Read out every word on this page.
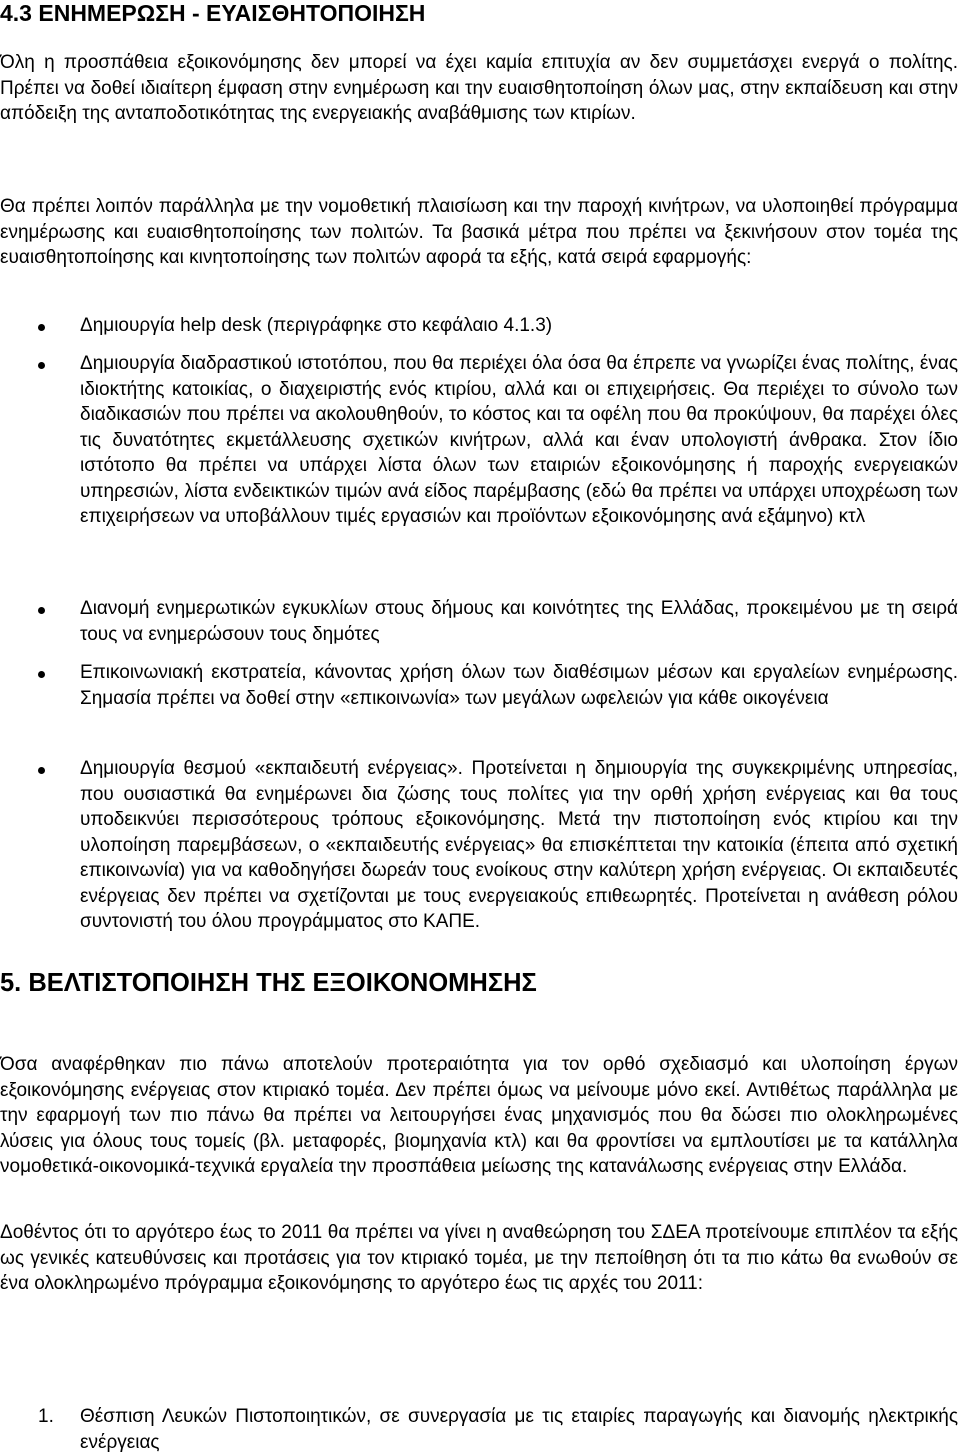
4.3 ΕΝΗΜΕΡΩΣΗ - ΕΥΑΙΣΘΗΤΟΠΟΙΗΣΗ

Όλη η προσπάθεια εξοικονόμησης δεν μπορεί να έχει καμία επιτυχία αν δεν συμμετάσχει ενεργά ο πολίτης. Πρέπει να δοθεί ιδιαίτερη έμφαση στην ενημέρωση και την ευαισθητοποίηση όλων μας, στην εκπαίδευση και στην απόδειξη της ανταποδοτικότητας της ενεργειακής αναβάθμισης των κτιρίων.

Θα πρέπει λοιπόν παράλληλα με την νομοθετική πλαισίωση και την παροχή κινήτρων, να υλοποιηθεί πρόγραμμα ενημέρωσης και ευαισθητοποίησης των πολιτών. Τα βασικά μέτρα που πρέπει να ξεκινήσουν στον τομέα της ευαισθητοποίησης και κινητοποίησης των πολιτών αφορά τα εξής, κατά σειρά εφαρμογής:

Δημιουργία help desk (περιγράφηκε στο κεφάλαιο 4.1.3)

Δημιουργία διαδραστικού ιστοτόπου, που θα περιέχει όλα όσα θα έπρεπε να γνωρίζει ένας πολίτης, ένας ιδιοκτήτης κατοικίας, ο διαχειριστής ενός κτιρίου, αλλά και οι επιχειρήσεις. Θα περιέχει το σύνολο των διαδικασιών που πρέπει να ακολουθηθούν, το κόστος και τα οφέλη που θα προκύψουν, θα παρέχει όλες τις δυνατότητες εκμετάλλευσης σχετικών κινήτρων, αλλά και έναν υπολογιστή άνθρακα. Στον ίδιο ιστότοπο θα πρέπει να υπάρχει λίστα όλων των εταιριών εξοικονόμησης ή παροχής ενεργειακών υπηρεσιών, λίστα ενδεικτικών τιμών ανά είδος παρέμβασης (εδώ θα πρέπει να υπάρχει υποχρέωση των επιχειρήσεων να υποβάλλουν τιμές εργασιών και προϊόντων εξοικονόμησης ανά εξάμηνο) κτλ

Διανομή ενημερωτικών εγκυκλίων στους δήμους και κοινότητες της Ελλάδας, προκειμένου με τη σειρά τους να ενημερώσουν τους δημότες

Επικοινωνιακή εκστρατεία, κάνοντας χρήση όλων των διαθέσιμων μέσων και εργαλείων ενημέρωσης. Σημασία πρέπει να δοθεί στην «επικοινωνία» των μεγάλων ωφελειών για κάθε οικογένεια

Δημιουργία θεσμού «εκπαιδευτή ενέργειας». Προτείνεται η δημιουργία της συγκεκριμένης υπηρεσίας, που ουσιαστικά θα ενημέρωνει δια ζώσης τους πολίτες για την ορθή χρήση ενέργειας και θα τους υποδεικνύει περισσότερους τρόπους εξοικονόμησης. Μετά την πιστοποίηση ενός κτιρίου και την υλοποίηση παρεμβάσεων, ο «εκπαιδευτής ενέργειας» θα επισκέπτεται την κατοικία (έπειτα από σχετική επικοινωνία) για να καθοδηγήσει δωρεάν τους ενοίκους στην καλύτερη χρήση ενέργειας. Οι εκπαιδευτές ενέργειας δεν πρέπει να σχετίζονται με τους ενεργειακούς επιθεωρητές. Προτείνεται η ανάθεση ρόλου συντονιστή του όλου προγράμματος στο ΚΑΠΕ.

5. ΒΕΛΤΙΣΤΟΠΟΙΗΣΗ ΤΗΣ ΕΞΟΙΚΟΝΟΜΗΣΗΣ

Όσα αναφέρθηκαν πιο πάνω αποτελούν προτεραιότητα για τον ορθό σχεδιασμό και υλοποίηση έργων εξοικονόμησης ενέργειας στον κτιριακό τομέα. Δεν πρέπει όμως να μείνουμε μόνο εκεί. Αντιθέτως παράλληλα με την εφαρμογή των πιο πάνω θα πρέπει να λειτουργήσει ένας μηχανισμός που θα δώσει πιο ολοκληρωμένες λύσεις για όλους τους τομείς (βλ. μεταφορές, βιομηχανία κτλ) και θα φροντίσει να εμπλουτίσει με τα κατάλληλα νομοθετικά-οικονομικά-τεχνικά εργαλεία την προσπάθεια μείωσης της κατανάλωσης ενέργειας στην Ελλάδα.

Δοθέντος ότι το αργότερο έως το 2011 θα πρέπει να γίνει η αναθεώρηση του ΣΔΕΑ προτείνουμε επιπλέον τα εξής ως γενικές κατευθύνσεις και προτάσεις για τον κτιριακό τομέα, με την πεποίθηση ότι τα πιο κάτω θα ενωθούν σε ένα ολοκληρωμένο πρόγραμμα εξοικονόμησης το αργότερο έως τις αρχές του 2011:

1. Θέσπιση Λευκών Πιστοποιητικών, σε συνεργασία με τις εταιρίες παραγωγής και διανομής ηλεκτρικής ενέργειας
